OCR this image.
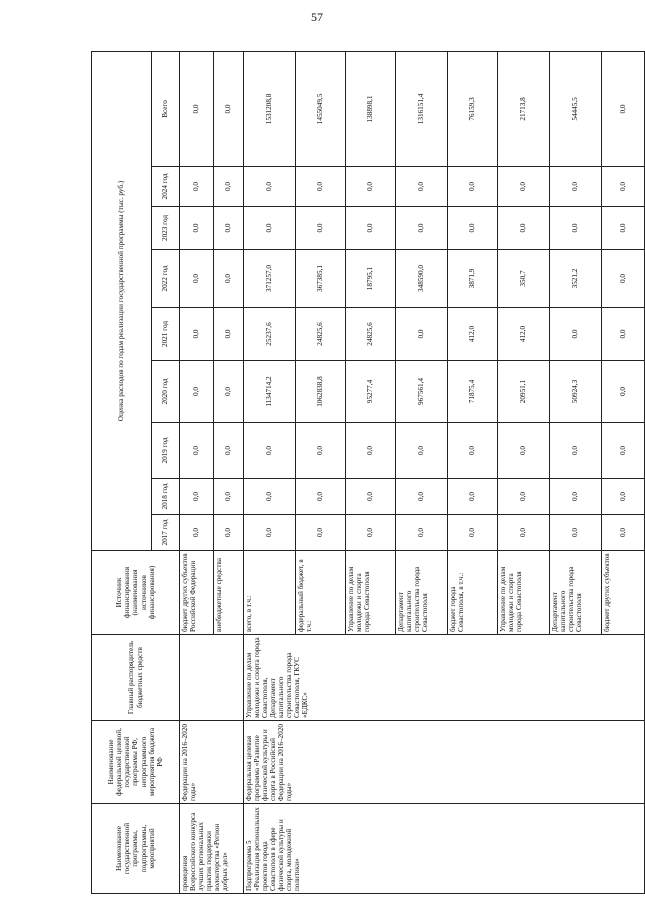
57
Наименование государственной программы, подпрограммы, мероприятий	Наименование федеральной целевой, государственной программы РФ, непрограммного мероприятия бюджета РФ	Главный распорядитель бюджетных средств	Источник финансирования (наименования источников финансирования)	Оценка расходов по годам реализации государственной программы (тыс. руб.)								
				2017 год	2018 год	2019 год	2020 год	2021 год	2022 год	2023 год	2024 год	Всего
проведения Всероссийского конкурса лучших региональных практик поддержки волонтерства «Регион добрых дел»	Федерации на 2016–2020 годы»		бюджет других субъектов Российской Федерации	0,0	0,0	0,0	0,0	0,0	0,0	0,0	0,0	0,0
			внебюджетные средства	0,0	0,0	0,0	0,0	0,0	0,0	0,0	0,0	0,0
Подпрограмма 5 «Реализация региональных проектов города Севастополя в сфере физической культуры и спорта, молодежной политики»	Федеральная целевая программа «Развитие физической культуры и спорта в Российской Федерации на 2016–2020 годы»	Управление по делам молодежи и спорта города Севастополя, Департамент капитального строительства города Севастополя, ГКУС «ЕДКС»	всего, в т.ч.:	0,0	0,0	0,0	1134714,2	25237,6	371257,0	0,0	0,0	1531208,8
			федеральный бюджет, в т.ч.:	0,0	0,0	0,0	1062838,8	24825,6	367385,1	0,0	0,0	1455049,5
			Управление по делам молодежи и спорта города Севастополя	0,0	0,0	0,0	95277,4	24825,6	18795,1	0,0	0,0	138898,1
			Департамент капитального строительства города Севастополя	0,0	0,0	0,0	967561,4	0,0	348590,0	0,0	0,0	1316151,4
			бюджет города Севастополя, в т.ч.:	0,0	0,0	0,0	71875,4	412,0	3871,9	0,0	0,0	76159,3
			Управление по делам молодежи и спорта города Севастополя	0,0	0,0	0,0	20951,1	412,0	350,7	0,0	0,0	21713,8
			Департамент капитального строительства города Севастополя	0,0	0,0	0,0	50924,3	0,0	3521,2	0,0	0,0	54445,5
			бюджет других субъектов	0,0	0,0	0,0	0,0	0,0	0,0	0,0	0,0	0,0
